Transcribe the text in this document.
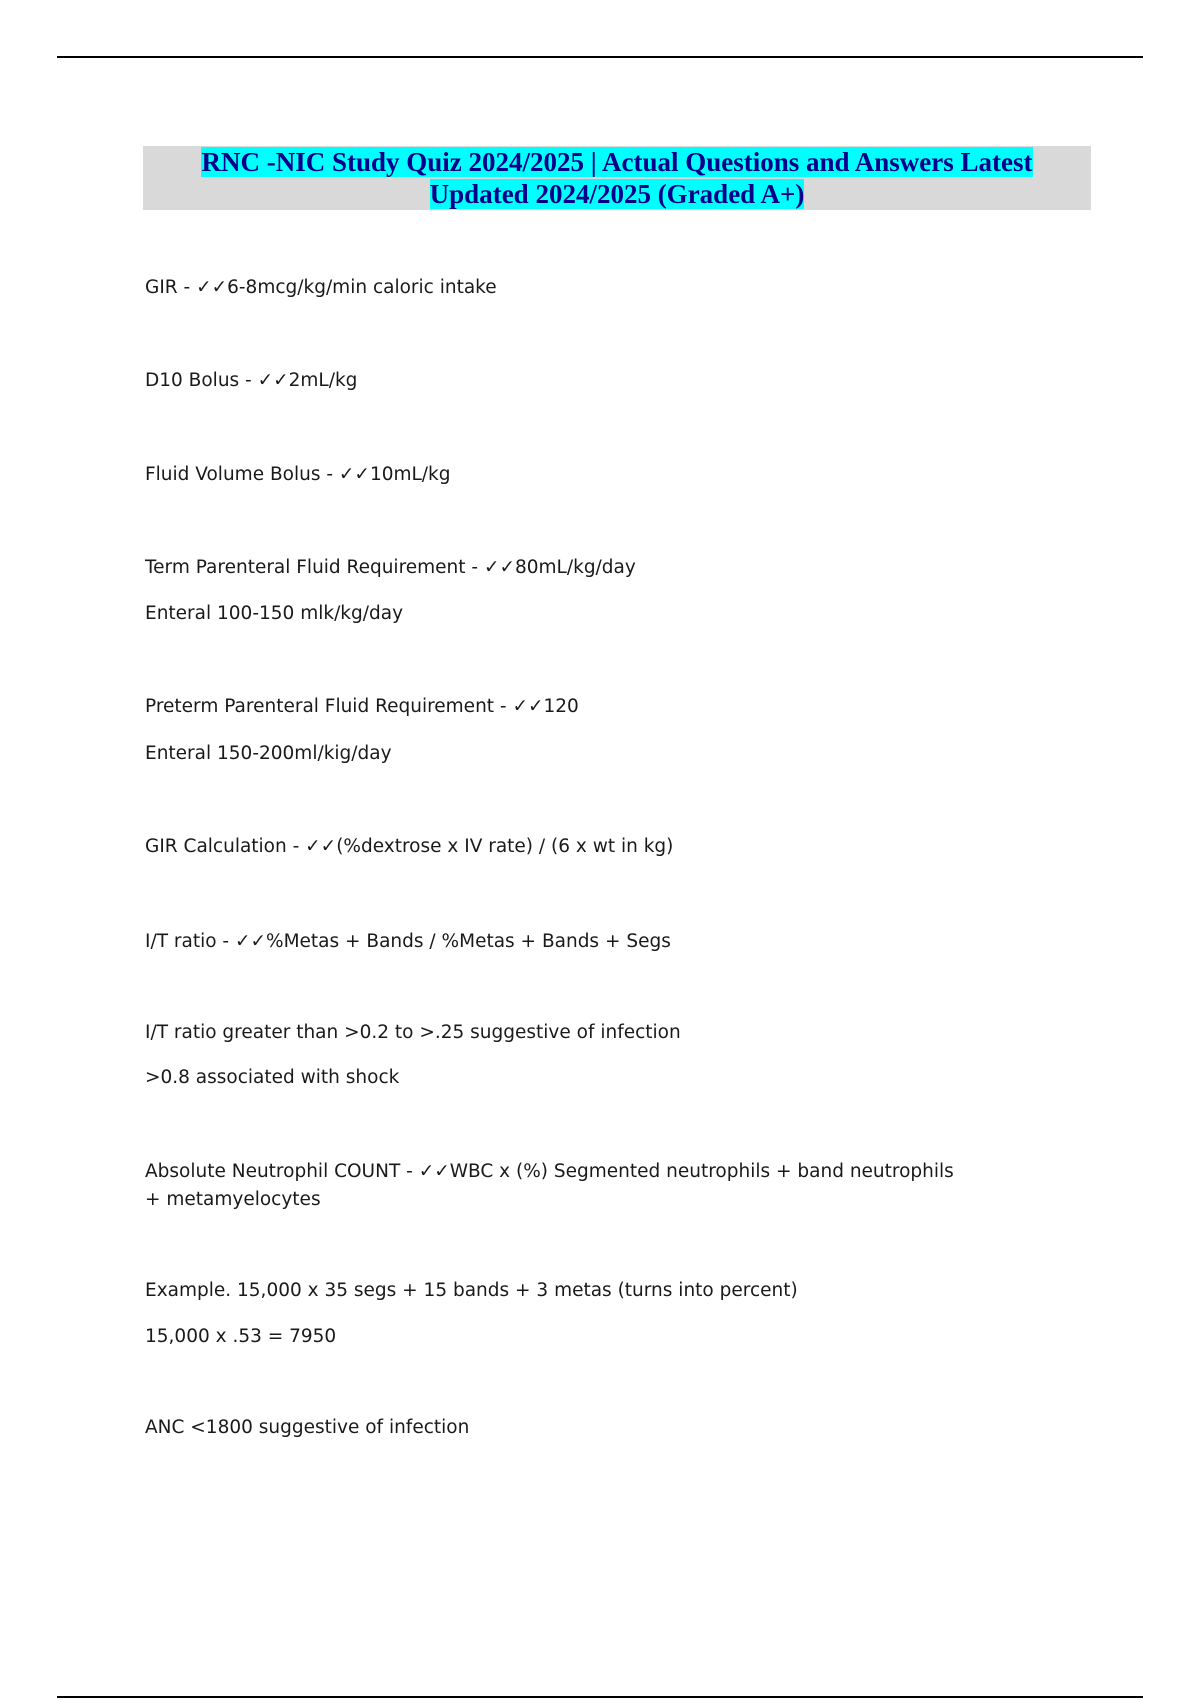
RNC -NIC Study Quiz 2024/2025 | Actual Questions and Answers Latest
Updated 2024/2025 (Graded A+)
GIR - ✓✓6-8mcg/kg/min caloric intake
D10 Bolus - ✓✓2mL/kg
Fluid Volume Bolus - ✓✓10mL/kg
Term Parenteral Fluid Requirement - ✓✓80mL/kg/day
Enteral 100-150 mlk/kg/day
Preterm Parenteral Fluid Requirement - ✓✓120
Enteral 150-200ml/kig/day
GIR Calculation - ✓✓(%dextrose x IV rate) / (6 x wt in kg)
I/T ratio - ✓✓%Metas + Bands / %Metas + Bands + Segs
I/T ratio greater than >0.2 to >.25 suggestive of infection
>0.8 associated with shock
Absolute Neutrophil COUNT - ✓✓WBC x (%) Segmented neutrophils + band neutrophils + metamyelocytes
Example. 15,000 x 35 segs + 15 bands + 3 metas (turns into percent)
15,000 x .53 = 7950
ANC <1800 suggestive of infection
